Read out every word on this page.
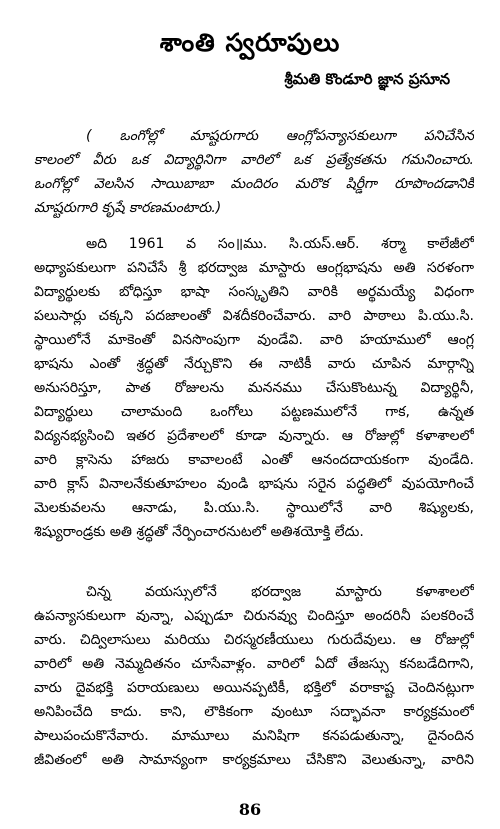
శాంతి స్వరూపులు
శ్రీమతి కొండూరి జ్ఞాన ప్రసూన
( ఒంగోల్లో మాష్టరుగారు ఆంగ్లోపన్యాసకులుగా పనిచేసిన
కాలంలో వీరు ఒక విద్యార్థినిగా వారిలో ఒక ప్రత్యేకతను గమనించారు.
ఒంగోల్లో వెలసిన సాయిబాబా మందిరం మరొక షిర్డీగా రూపొందడానికి
మాష్టరుగారి కృషే కారణమంటారు.)
అది 1961 వ సం॥ము. సి.యస్.ఆర్. శర్మా కాలేజీలో
అధ్యాపకులుగా పనిచేసే శ్రీ భరద్వాజ మాస్టారు ఆంగ్లభాషను అతి సరళంగా
విద్యార్థులకు బోధిస్తూ భాషా సంస్కృతిని వారికి అర్థమయ్యే విధంగా
పలుసార్లు చక్కని పదజాలంతో విశదీకరించేవారు. వారి పాఠాలు పి.యు.సి.
స్థాయిలోనే మాకెంతో వినసొంపుగా వుండేవి. వారి హయాములో ఆంగ్ల
భాషను ఎంతో శ్రద్ధతో నేర్చుకొని ఈ నాటికీ వారు చూపిన మార్గాన్ని
అనుసరిస్తూ, పాత రోజులను మననము చేసుకొంటున్న విద్యార్థినీ,
విద్యార్థులు చాలామంది ఒంగోలు పట్టణములోనే గాక, ఉన్నత
విద్యనభ్యసించి ఇతర ప్రదేశాలలో కూడా వున్నారు. ఆ రోజుల్లో కళాశాలలో
వారి క్లాసెను హాజరు కావాలంటే ఎంతో ఆనందదాయకంగా వుండేది.
వారి క్లాస్ వినాలనేకుతూహలం వుండి భాషను సరైన పద్ధతిలో వుపయోగించే
మెలకువలను ఆనాడు, పి.యు.సి. స్థాయిలోనే వారి శిష్యులకు,
శిష్యురాండ్రకు అతి శ్రద్ధతో నేర్పించారనుటలో అతిశయోక్తి లేదు.
చిన్న వయస్సులోనే భరద్వాజ మాస్టారు కళాశాలలో
ఉపన్యాసకులుగా వున్నా, ఎప్పుడూ చిరునవ్వు చిందిస్తూ అందరినీ పలకరించే
వారు. చిద్విలాసులు మరియు చిరస్మరణీయులు గురుదేవులు. ఆ రోజుల్లో
వారిలో అతి నెమ్మదితనం చూసేవాళ్లం. వారిలో ఏదో తేజస్సు కనబడేదిగాని,
వారు దైవభక్తి పరాయణులు అయినప్పటికీ, భక్తిలో వరాకాష్ట చెందినట్లుగా
అనిపించేది కాదు. కాని, లౌకికంగా వుంటూ సద్భావనా కార్యక్రమంలో
పాలుపంచుకొనేవారు. మామూలు మనిషిగా కనపడుతున్నా, దైనందిన
జీవితంలో అతి సామాన్యంగా కార్యక్రమాలు చేసికొని వెలుతున్నా, వారిని
86
